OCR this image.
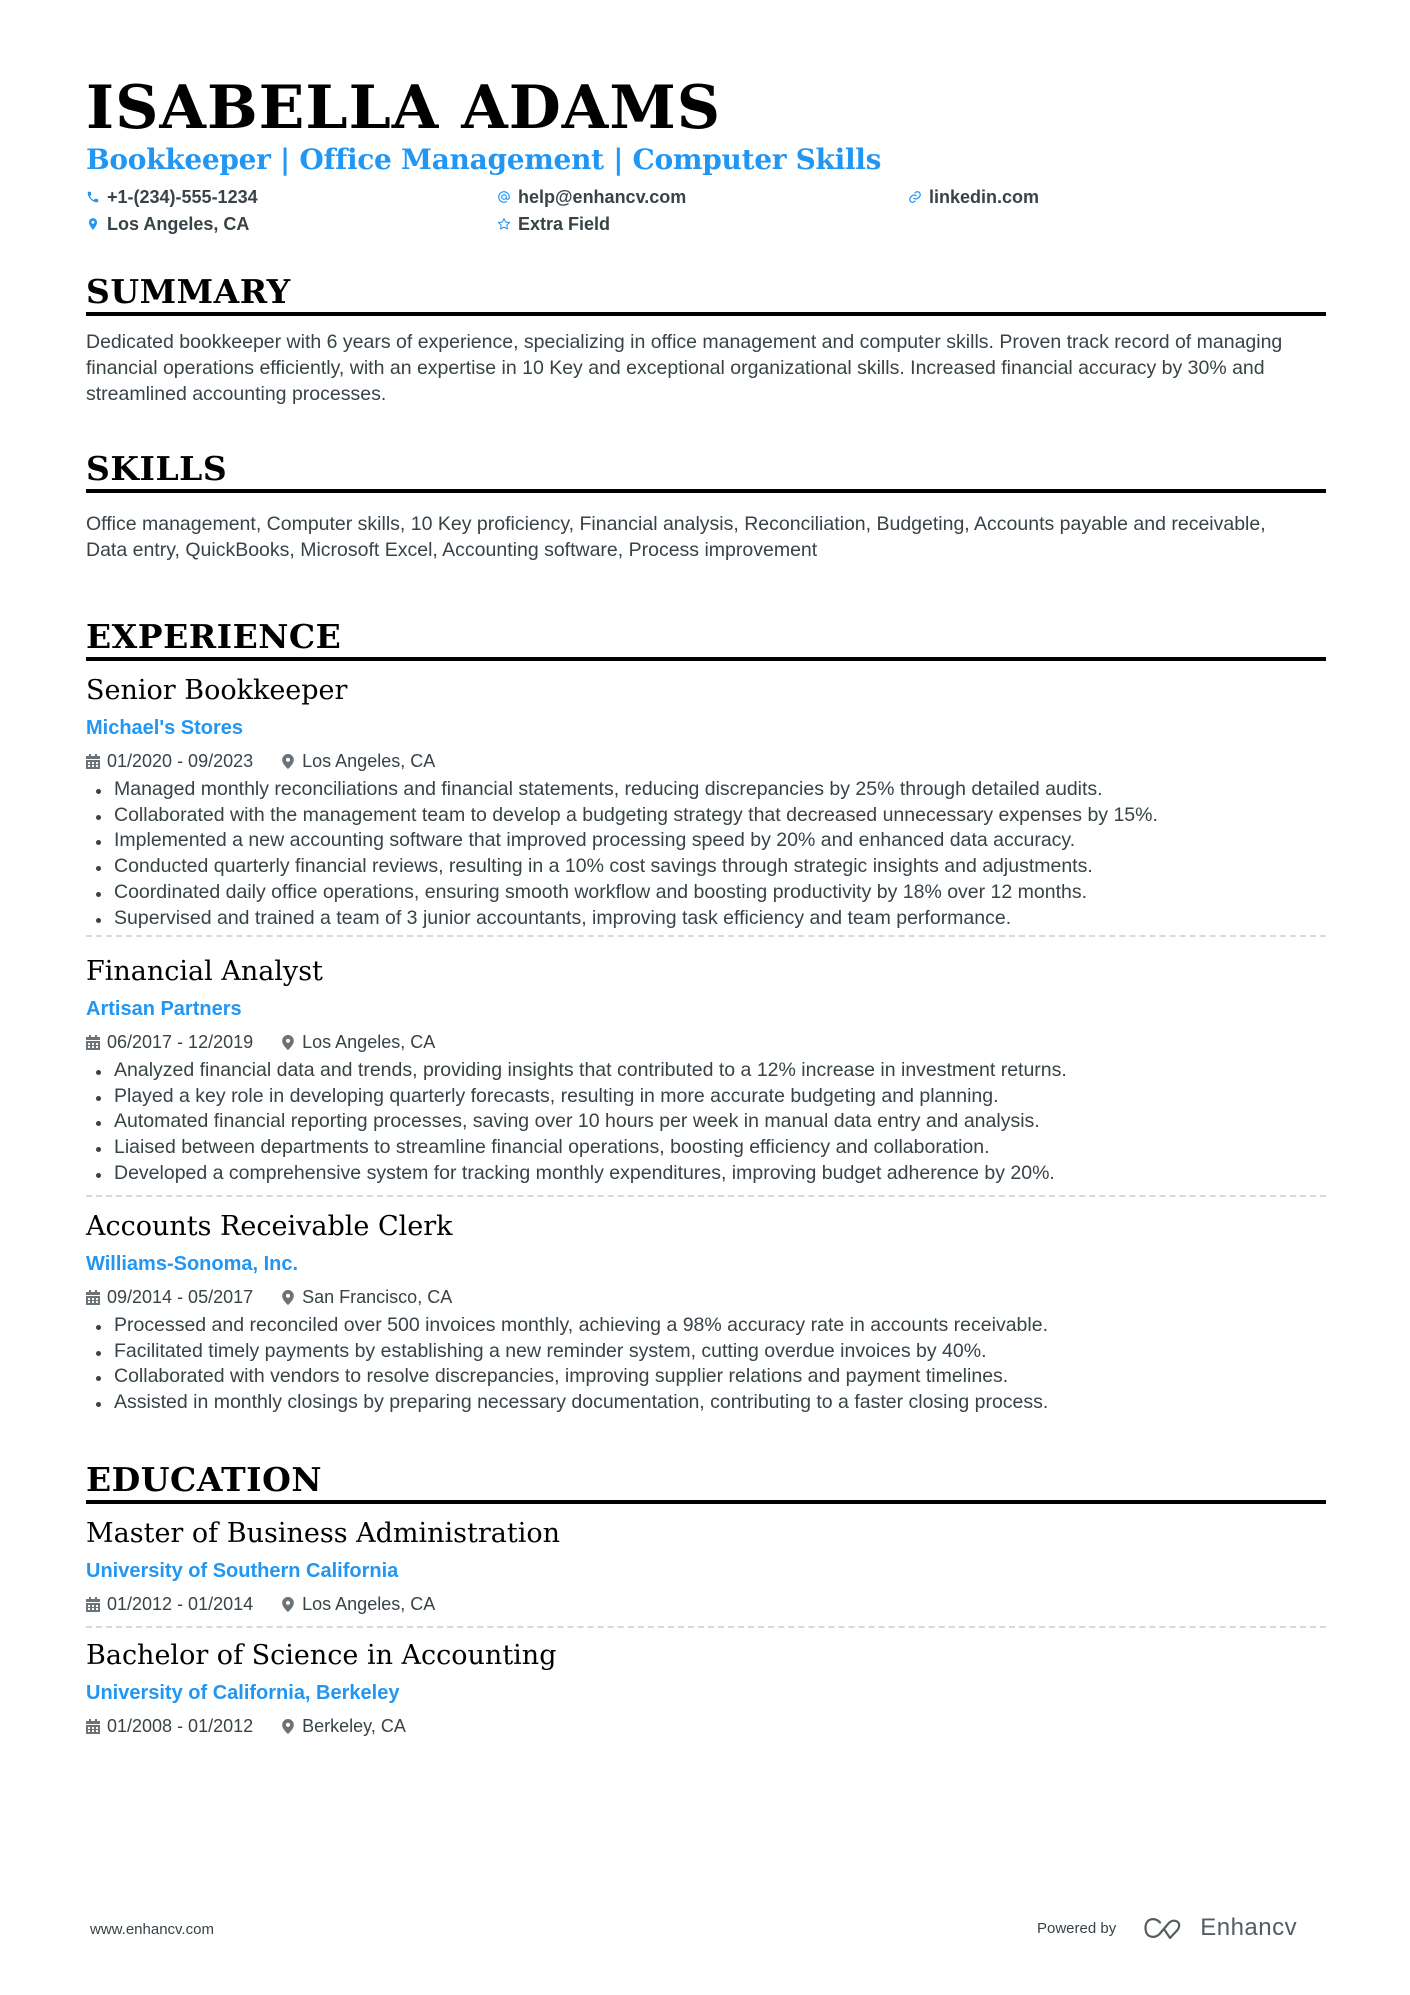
ISABELLA ADAMS
Bookkeeper | Office Management | Computer Skills
+1-(234)-555-1234	help@enhancv.com	linkedin.com
Los Angeles, CA	Extra Field
SUMMARY
Dedicated bookkeeper with 6 years of experience, specializing in office management and computer skills. Proven track record of managing financial operations efficiently, with an expertise in 10 Key and exceptional organizational skills. Increased financial accuracy by 30% and streamlined accounting processes.
SKILLS
Office management, Computer skills, 10 Key proficiency, Financial analysis, Reconciliation, Budgeting, Accounts payable and receivable, Data entry, QuickBooks, Microsoft Excel, Accounting software, Process improvement
EXPERIENCE
Senior Bookkeeper
Michael's Stores
01/2020 - 09/2023	Los Angeles, CA
Managed monthly reconciliations and financial statements, reducing discrepancies by 25% through detailed audits.
Collaborated with the management team to develop a budgeting strategy that decreased unnecessary expenses by 15%.
Implemented a new accounting software that improved processing speed by 20% and enhanced data accuracy.
Conducted quarterly financial reviews, resulting in a 10% cost savings through strategic insights and adjustments.
Coordinated daily office operations, ensuring smooth workflow and boosting productivity by 18% over 12 months.
Supervised and trained a team of 3 junior accountants, improving task efficiency and team performance.
Financial Analyst
Artisan Partners
06/2017 - 12/2019	Los Angeles, CA
Analyzed financial data and trends, providing insights that contributed to a 12% increase in investment returns.
Played a key role in developing quarterly forecasts, resulting in more accurate budgeting and planning.
Automated financial reporting processes, saving over 10 hours per week in manual data entry and analysis.
Liaised between departments to streamline financial operations, boosting efficiency and collaboration.
Developed a comprehensive system for tracking monthly expenditures, improving budget adherence by 20%.
Accounts Receivable Clerk
Williams-Sonoma, Inc.
09/2014 - 05/2017	San Francisco, CA
Processed and reconciled over 500 invoices monthly, achieving a 98% accuracy rate in accounts receivable.
Facilitated timely payments by establishing a new reminder system, cutting overdue invoices by 40%.
Collaborated with vendors to resolve discrepancies, improving supplier relations and payment timelines.
Assisted in monthly closings by preparing necessary documentation, contributing to a faster closing process.
EDUCATION
Master of Business Administration
University of Southern California
01/2012 - 01/2014	Los Angeles, CA
Bachelor of Science in Accounting
University of California, Berkeley
01/2008 - 01/2012	Berkeley, CA
www.enhancv.com	Powered by	Enhancv
